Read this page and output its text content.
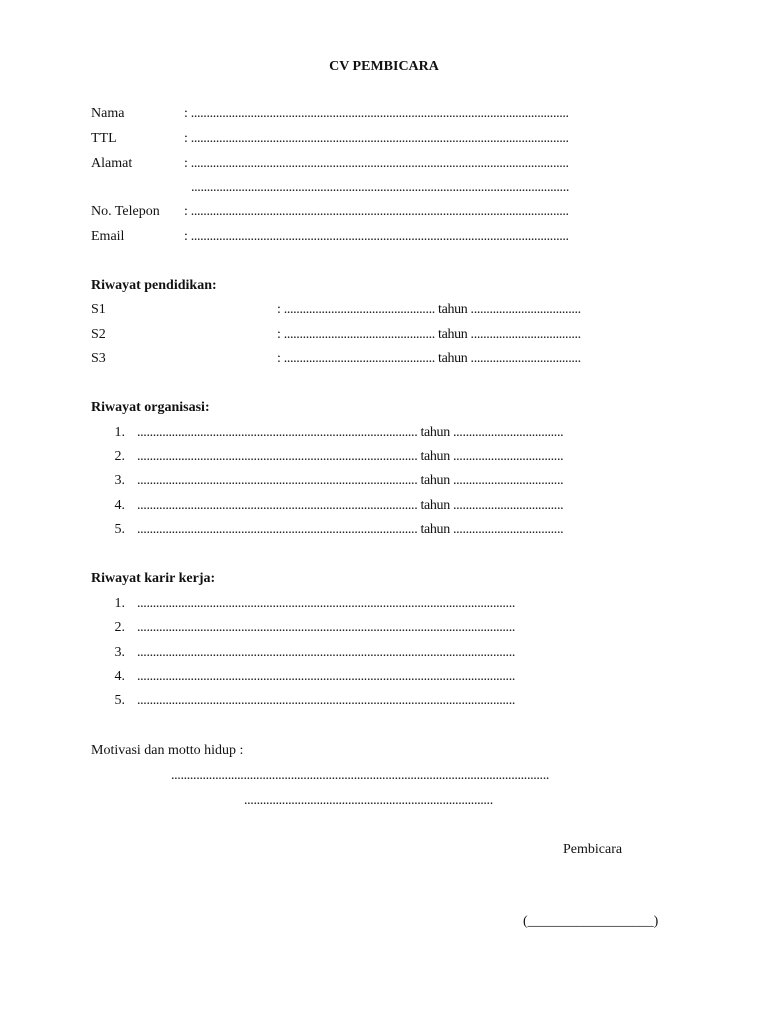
CV PEMBICARA
Nama	: ........................................................................................................................
TTL	: ........................................................................................................................
Alamat	: ........................................................................................................................
........................................................................................................................
No. Telepon : ........................................................................................................................
Email	: ........................................................................................................................
Riwayat pendidikan:
S1	: ................................................ tahun ...................................
S2	: ................................................ tahun ...................................
S3	: ................................................ tahun ...................................
Riwayat organisasi:
1. ......................................................................................... tahun ...................................
2. ......................................................................................... tahun ...................................
3. ......................................................................................... tahun ...................................
4. ......................................................................................... tahun ...................................
5. ......................................................................................... tahun ...................................
Riwayat karir kerja:
1. ........................................................................................................................
2. ........................................................................................................................
3. ........................................................................................................................
4. ........................................................................................................................
5. ........................................................................................................................
Motivasi dan motto hidup :
........................................................................................................................
...............................................................................
Pembicara
(__________________)
